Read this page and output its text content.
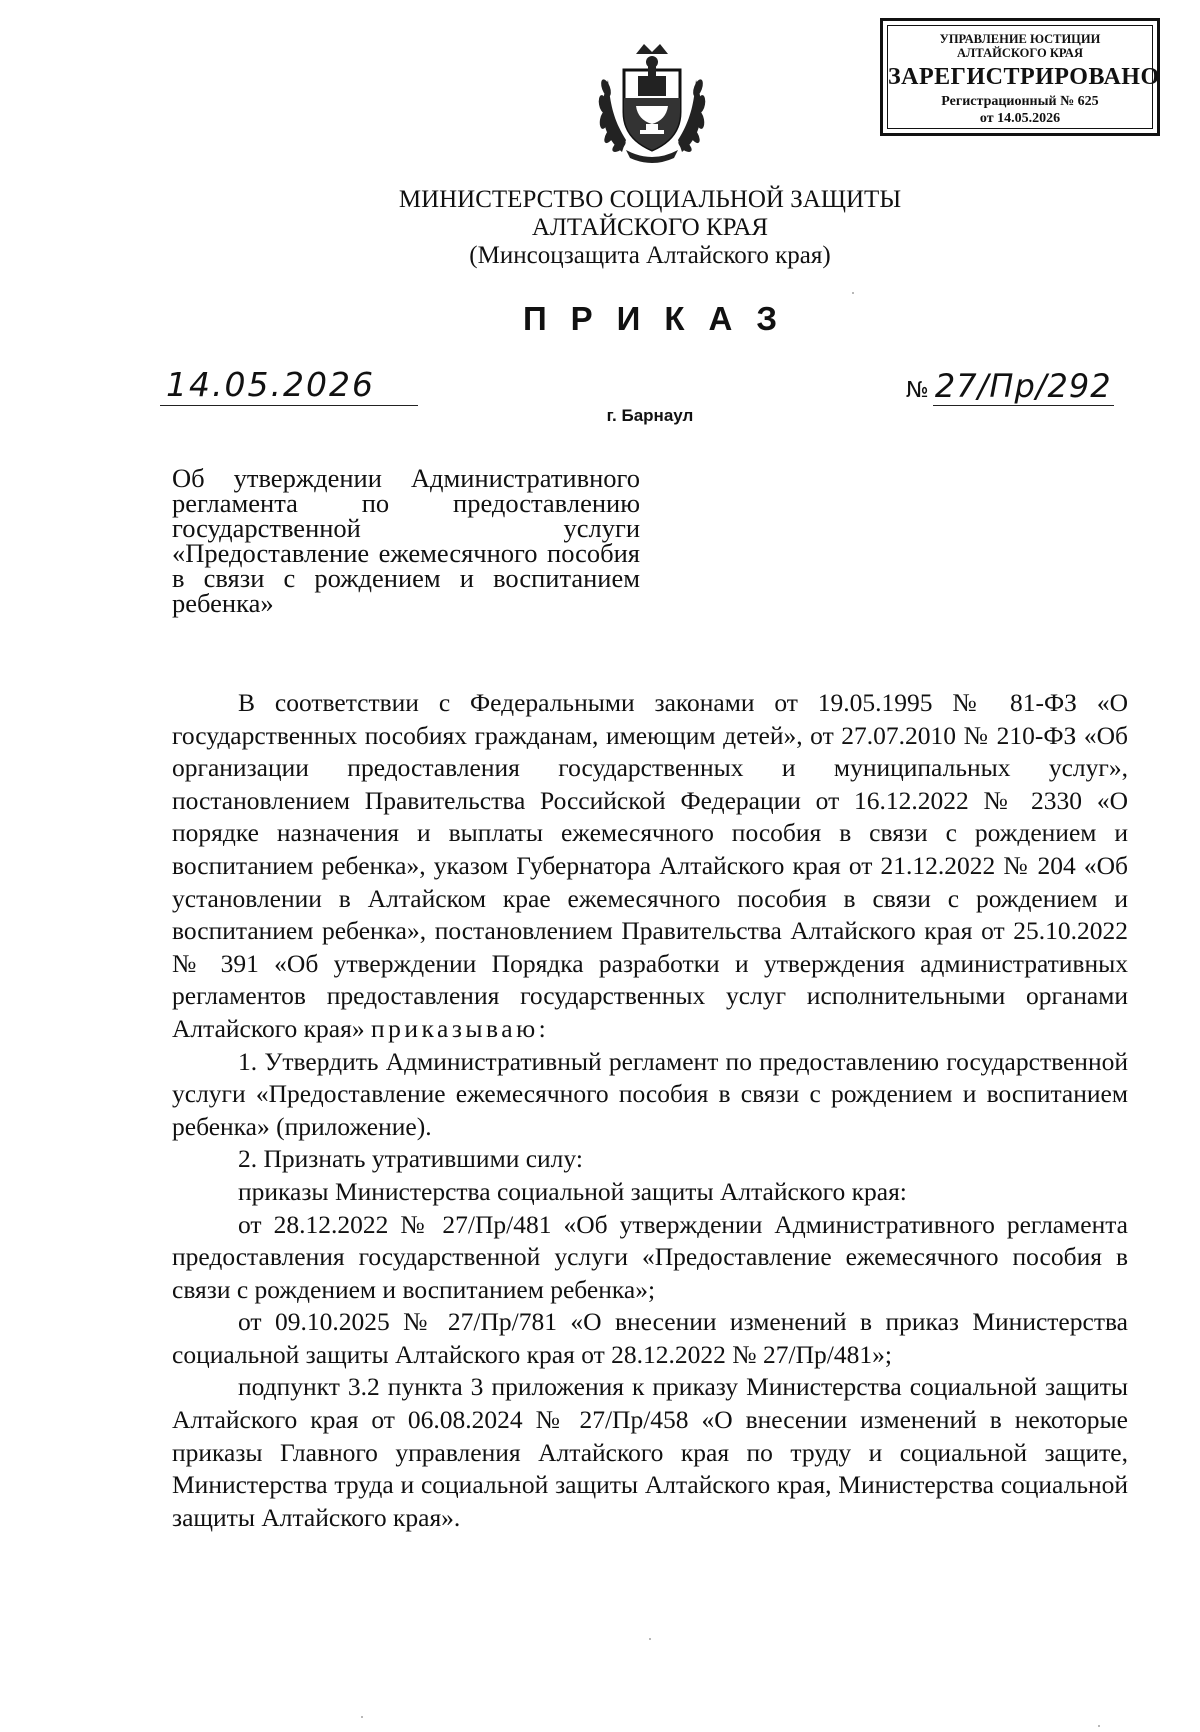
УПРАВЛЕНИЕ ЮСТИЦИИ
АЛТАЙСКОГО КРАЯ
ЗАРЕГИСТРИРОВАНО
Регистрационный № 625
от 14.05.2026
МИНИСТЕРСТВО СОЦИАЛЬНОЙ ЗАЩИТЫ
АЛТАЙСКОГО КРАЯ
(Минсоцзащита Алтайского края)
ПРИКАЗ
14.05.2026	№ 27/Пр/292
г. Барнаул
Об утверждении Административного регламента по предоставлению государственной услуги «Предоставление ежемесячного пособия в связи с рождением и воспитанием ребенка»

В соответствии с Федеральными законами от 19.05.1995 № 81-ФЗ «О государственных пособиях гражданам, имеющим детей», от 27.07.2010 № 210-ФЗ «Об организации предоставления государственных и муниципальных услуг», постановлением Правительства Российской Федерации от 16.12.2022 № 2330 «О порядке назначения и выплаты ежемесячного пособия в связи с рождением и воспитанием ребенка», указом Губернатора Алтайского края от 21.12.2022 № 204 «Об установлении в Алтайском крае ежемесячного пособия в связи с рождением и воспитанием ребенка», постановлением Правительства Алтайского края от 25.10.2022 № 391 «Об утверждении Порядка разработки и утверждения административных регламентов предоставления государственных услуг исполнительными органами Алтайского края» приказываю:

1. Утвердить Административный регламент по предоставлению государственной услуги «Предоставление ежемесячного пособия в связи с рождением и воспитанием ребенка» (приложение).

2. Признать утратившими силу:

приказы Министерства социальной защиты Алтайского края:

от 28.12.2022 № 27/Пр/481 «Об утверждении Административного регламента предоставления государственной услуги «Предоставление ежемесячного пособия в связи с рождением и воспитанием ребенка»;

от 09.10.2025 № 27/Пр/781 «О внесении изменений в приказ Министерства социальной защиты Алтайского края от 28.12.2022 № 27/Пр/481»;

подпункт 3.2 пункта 3 приложения к приказу Министерства социальной защиты Алтайского края от 06.08.2024 № 27/Пр/458 «О внесении изменений в некоторые приказы Главного управления Алтайского края по труду и социальной защите, Министерства труда и социальной защиты Алтайского края, Министерства социальной защиты Алтайского края».
